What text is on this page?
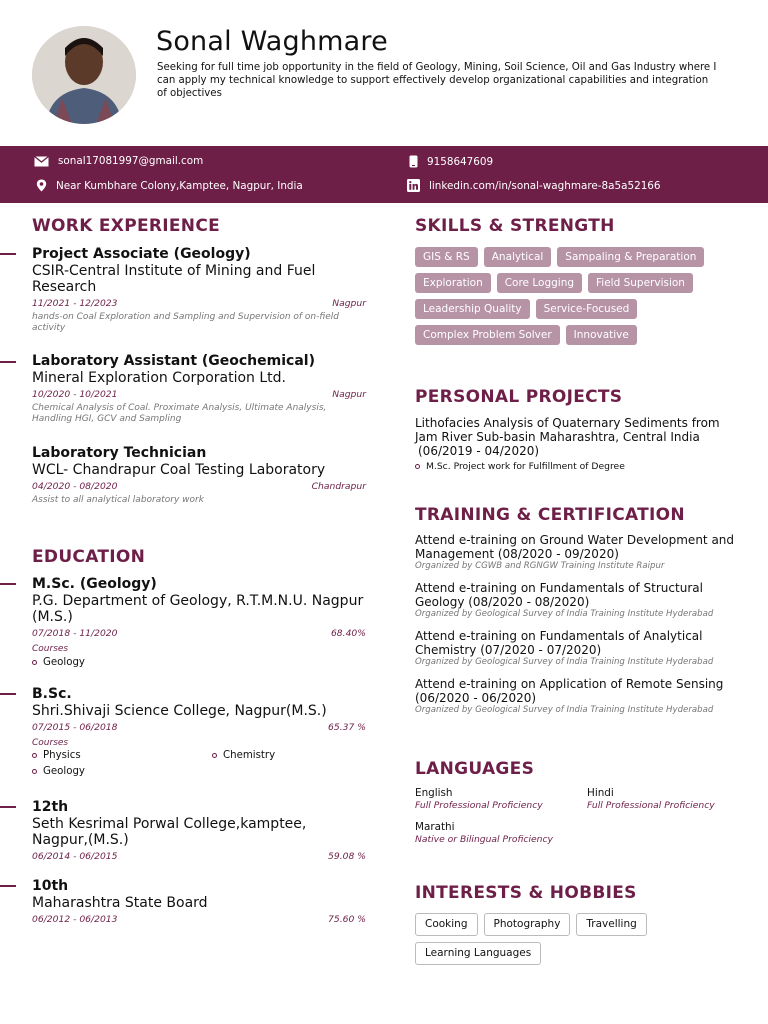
Sonal Waghmare
Seeking for full time job opportunity in the field of Geology, Mining, Soil Science, Oil and Gas Industry where I can apply my technical knowledge to support effectively develop organizational capabilities and integration of objectives
sonal17081997@gmail.com	9158647609
Near Kumbhare Colony,Kamptee, Nagpur, India	linkedin.com/in/sonal-waghmare-8a5a52166
WORK EXPERIENCE
Project Associate (Geology)
CSIR-Central Institute of Mining and Fuel Research
11/2021 - 12/2023	Nagpur
hands-on Coal Exploration and Sampling and Supervision of on-field activity
Laboratory Assistant (Geochemical)
Mineral Exploration Corporation Ltd.
10/2020 - 10/2021	Nagpur
Chemical Analysis of Coal. Proximate Analysis, Ultimate Analysis, Handling HGI, GCV and Sampling
Laboratory Technician
WCL- Chandrapur Coal Testing Laboratory
04/2020 - 08/2020	Chandrapur
Assist to all analytical laboratory work
EDUCATION
M.Sc. (Geology)
P.G. Department of Geology, R.T.M.N.U. Nagpur (M.S.)
07/2018 - 11/2020	68.40%
Courses
Geology
B.Sc.
Shri.Shivaji Science College, Nagpur(M.S.)
07/2015 - 06/2018	65.37 %
Courses
Physics	Chemistry
Geology
12th
Seth Kesrimal Porwal College,kamptee, Nagpur,(M.S.)
06/2014 - 06/2015	59.08 %
10th
Maharashtra State Board
06/2012 - 06/2013	75.60 %
SKILLS & STRENGTH
GIS & RS	Analytical	Sampaling & Preparation
Exploration	Core Logging	Field Supervision
Leadership Quality	Service-Focused
Complex Problem Solver	Innovative
PERSONAL PROJECTS
Lithofacies Analysis of Quaternary Sediments from Jam River Sub-basin Maharashtra, Central India
(06/2019 - 04/2020)
M.Sc. Project work for Fulfillment of Degree
TRAINING & CERTIFICATION
Attend e-training on Ground Water Development and Management (08/2020 - 09/2020)
Organized by CGWB and RGNGW Training Institute Raipur
Attend e-training on Fundamentals of Structural Geology (08/2020 - 08/2020)
Organized by Geological Survey of India Training Institute Hyderabad
Attend e-training on Fundamentals of Analytical Chemistry (07/2020 - 07/2020)
Organized by Geological Survey of India Training Institute Hyderabad
Attend e-training on Application of Remote Sensing (06/2020 - 06/2020)
Organized by Geological Survey of India Training Institute Hyderabad
LANGUAGES
English
Full Professional Proficiency
Hindi
Full Professional Proficiency
Marathi
Native or Bilingual Proficiency
INTERESTS & HOBBIES
Cooking	Photography	Travelling
Learning Languages
